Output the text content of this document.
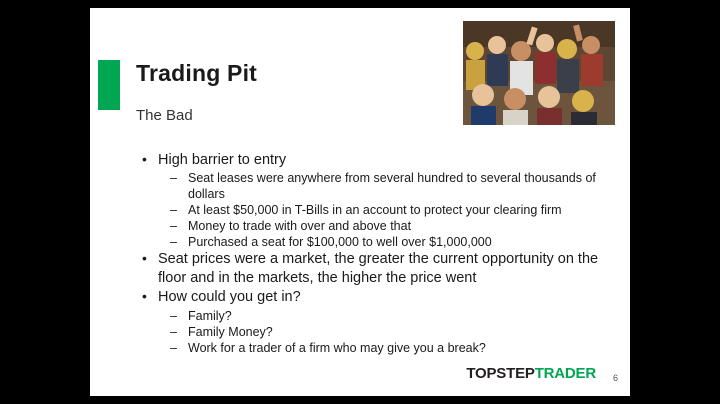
Trading Pit
The Bad
• High barrier to entry
– Seat leases were anywhere from several hundred to several thousands of dollars
– At least $50,000 in T-Bills in an account to protect your clearing firm
– Money to trade with over and above that
– Purchased a seat for $100,000 to well over $1,000,000
• Seat prices were a market, the greater the current opportunity on the floor and in the markets, the higher the price went
• How could you get in?
– Family?
– Family Money?
– Work for a trader of a firm who may give you a break?
TOPSTEPTRADER 6
